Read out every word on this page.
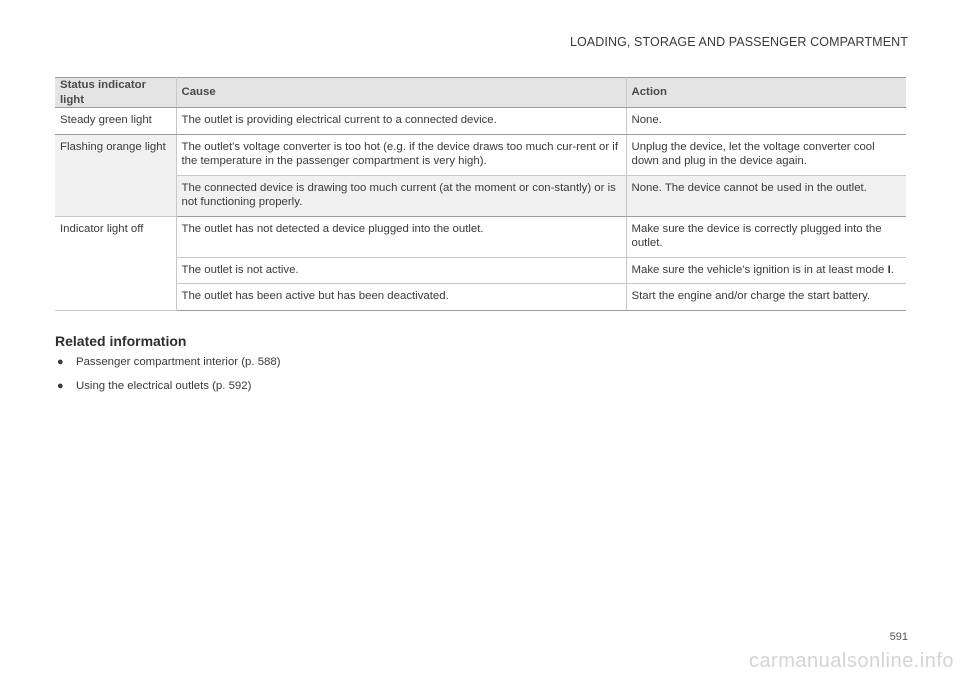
LOADING, STORAGE AND PASSENGER COMPARTMENT
Status indicator light	Cause	Action
Steady green light	The outlet is providing electrical current to a connected device.	None.
Flashing orange light	The outlet's voltage converter is too hot (e.g. if the device draws too much cur-rent or if the temperature in the passenger compartment is very high).	Unplug the device, let the voltage converter cool down and plug in the device again.
	The connected device is drawing too much current (at the moment or con-stantly) or is not functioning properly.	None. The device cannot be used in the outlet.
Indicator light off	The outlet has not detected a device plugged into the outlet.	Make sure the device is correctly plugged into the outlet.
	The outlet is not active.	Make sure the vehicle's ignition is in at least mode I.
	The outlet has been active but has been deactivated.	Start the engine and/or charge the start battery.
Related information
● Passenger compartment interior (p. 588)
● Using the electrical outlets (p. 592)
591
carmanualsonline.info
